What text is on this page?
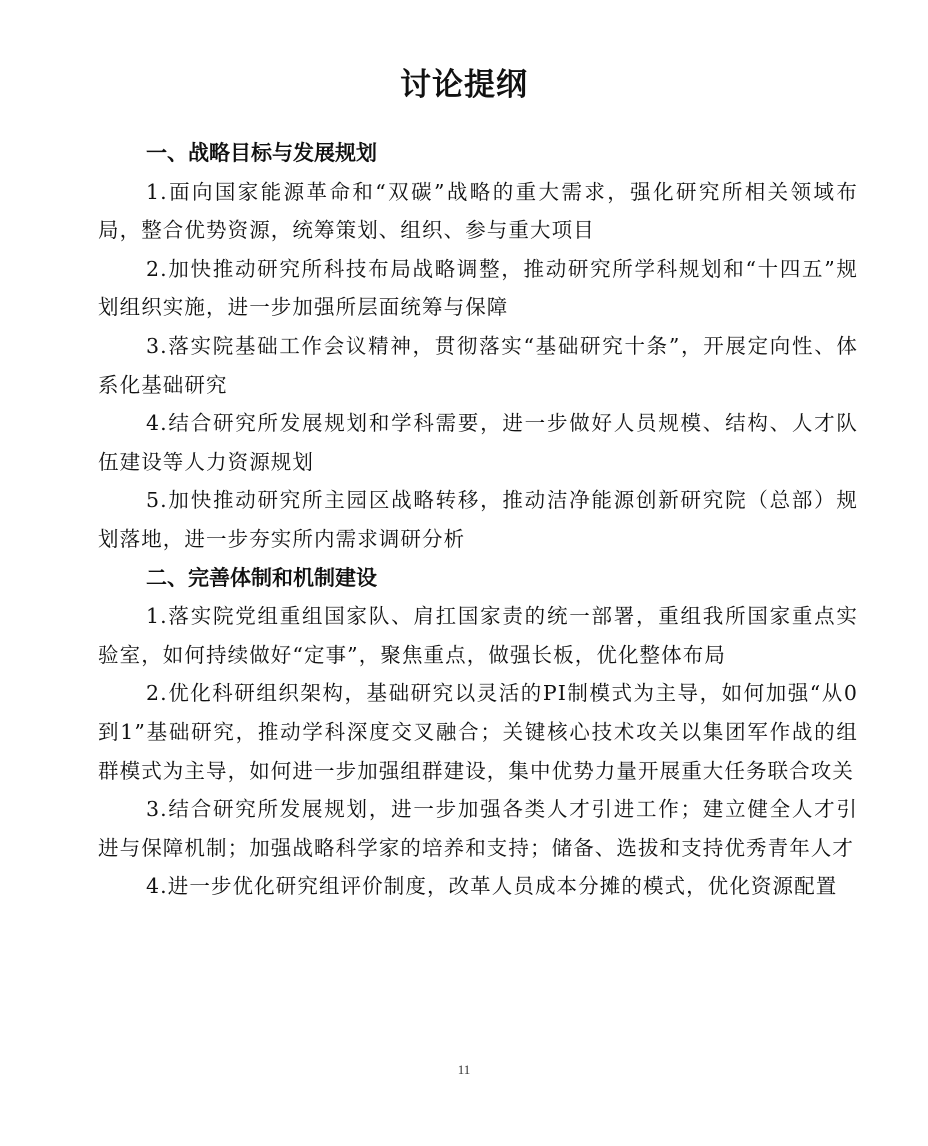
讨论提纲
一、战略目标与发展规划

1.面向国家能源革命和“双碳”战略的重大需求，强化研究所相关领域布局，整合优势资源，统筹策划、组织、参与重大项目

2.加快推动研究所科技布局战略调整，推动研究所学科规划和“十四五”规划组织实施，进一步加强所层面统筹与保障

3.落实院基础工作会议精神，贯彻落实“基础研究十条”，开展定向性、体系化基础研究

4.结合研究所发展规划和学科需要，进一步做好人员规模、结构、人才队伍建设等人力资源规划

5.加快推动研究所主园区战略转移，推动洁净能源创新研究院（总部）规划落地，进一步夯实所内需求调研分析

二、完善体制和机制建设

1.落实院党组重组国家队、肩扛国家责的统一部署，重组我所国家重点实验室，如何持续做好“定事”，聚焦重点，做强长板，优化整体布局

2.优化科研组织架构，基础研究以灵活的PI制模式为主导，如何加强“从0到1”基础研究，推动学科深度交叉融合；关键核心技术攻关以集团军作战的组群模式为主导，如何进一步加强组群建设，集中优势力量开展重大任务联合攻关

3.结合研究所发展规划，进一步加强各类人才引进工作；建立健全人才引进与保障机制；加强战略科学家的培养和支持；储备、选拔和支持优秀青年人才

4.进一步优化研究组评价制度，改革人员成本分摊的模式，优化资源配置

11
